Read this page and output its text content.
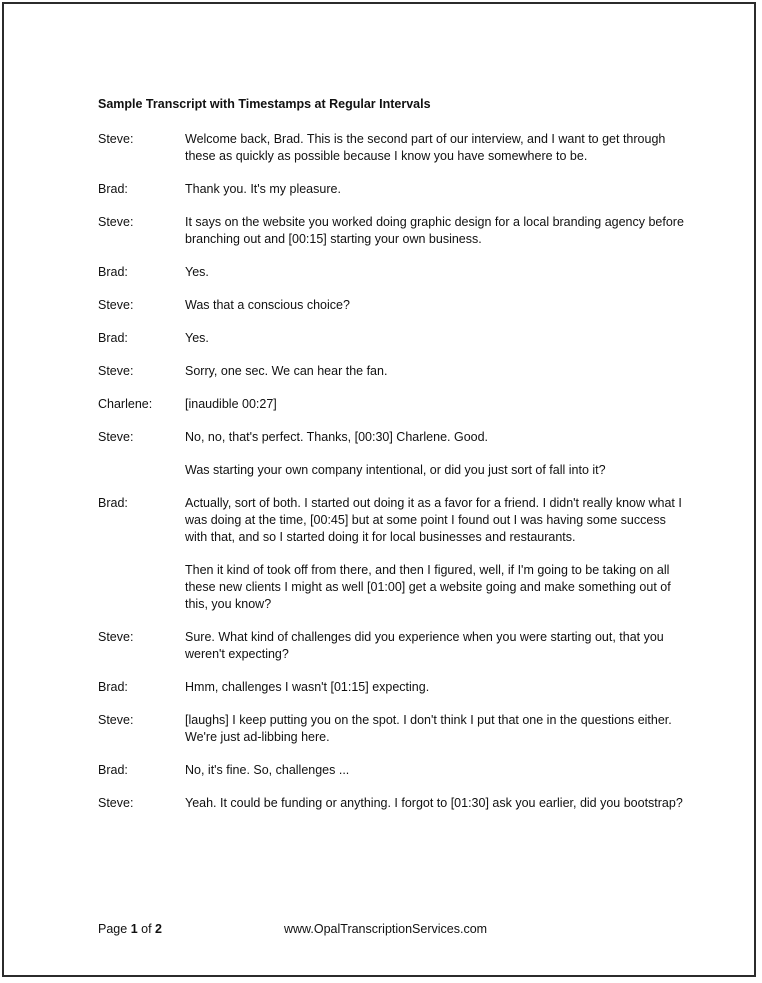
Sample Transcript with Timestamps at Regular Intervals
Steve:	Welcome back, Brad. This is the second part of our interview, and I want to get through these as quickly as possible because I know you have somewhere to be.
Brad:	Thank you. It's my pleasure.
Steve:	It says on the website you worked doing graphic design for a local branding agency before branching out and [00:15] starting your own business.
Brad:	Yes.
Steve:	Was that a conscious choice?
Brad:	Yes.
Steve:	Sorry, one sec. We can hear the fan.
Charlene:	[inaudible 00:27]
Steve:	No, no, that's perfect. Thanks, [00:30] Charlene. Good.
Was starting your own company intentional, or did you just sort of fall into it?
Brad:	Actually, sort of both. I started out doing it as a favor for a friend. I didn't really know what I was doing at the time, [00:45] but at some point I found out I was having some success with that, and so I started doing it for local businesses and restaurants.
Then it kind of took off from there, and then I figured, well, if I'm going to be taking on all these new clients I might as well [01:00] get a website going and make something out of this, you know?
Steve:	Sure. What kind of challenges did you experience when you were starting out, that you weren't expecting?
Brad:	Hmm, challenges I wasn't [01:15] expecting.
Steve:	[laughs] I keep putting you on the spot. I don't think I put that one in the questions either. We're just ad-libbing here.
Brad:	No, it's fine. So, challenges ...
Steve:	Yeah. It could be funding or anything. I forgot to [01:30] ask you earlier, did you bootstrap?
Page 1 of 2	www.OpalTranscriptionServices.com
